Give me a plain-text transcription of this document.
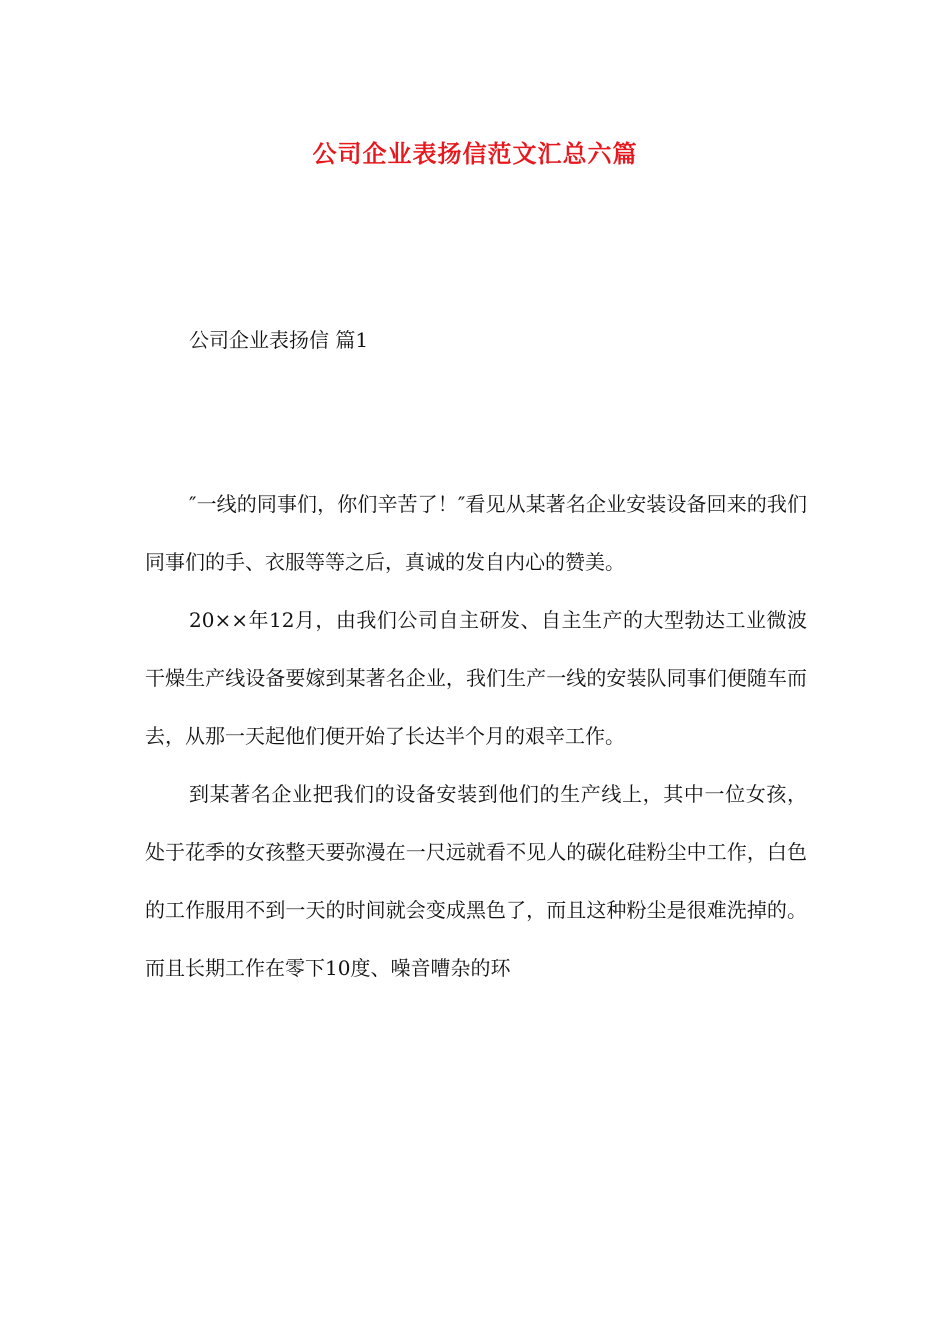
公司企业表扬信范文汇总六篇

公司企业表扬信 篇1

″一线的同事们，你们辛苦了！″看见从某著名企业安装设备回来的我们同事们的手、衣服等等之后，真诚的发自内心的赞美。

20××年12月，由我们公司自主研发、自主生产的大型勃达工业微波干燥生产线设备要嫁到某著名企业，我们生产一线的安装队同事们便随车而去，从那一天起他们便开始了长达半个月的艰辛工作。

到某著名企业把我们的设备安装到他们的生产线上，其中一位女孩，处于花季的女孩整天要弥漫在一尺远就看不见人的碳化硅粉尘中工作，白色的工作服用不到一天的时间就会变成黑色了，而且这种粉尘是很难洗掉的。而且长期工作在零下10度、噪音嘈杂的环
